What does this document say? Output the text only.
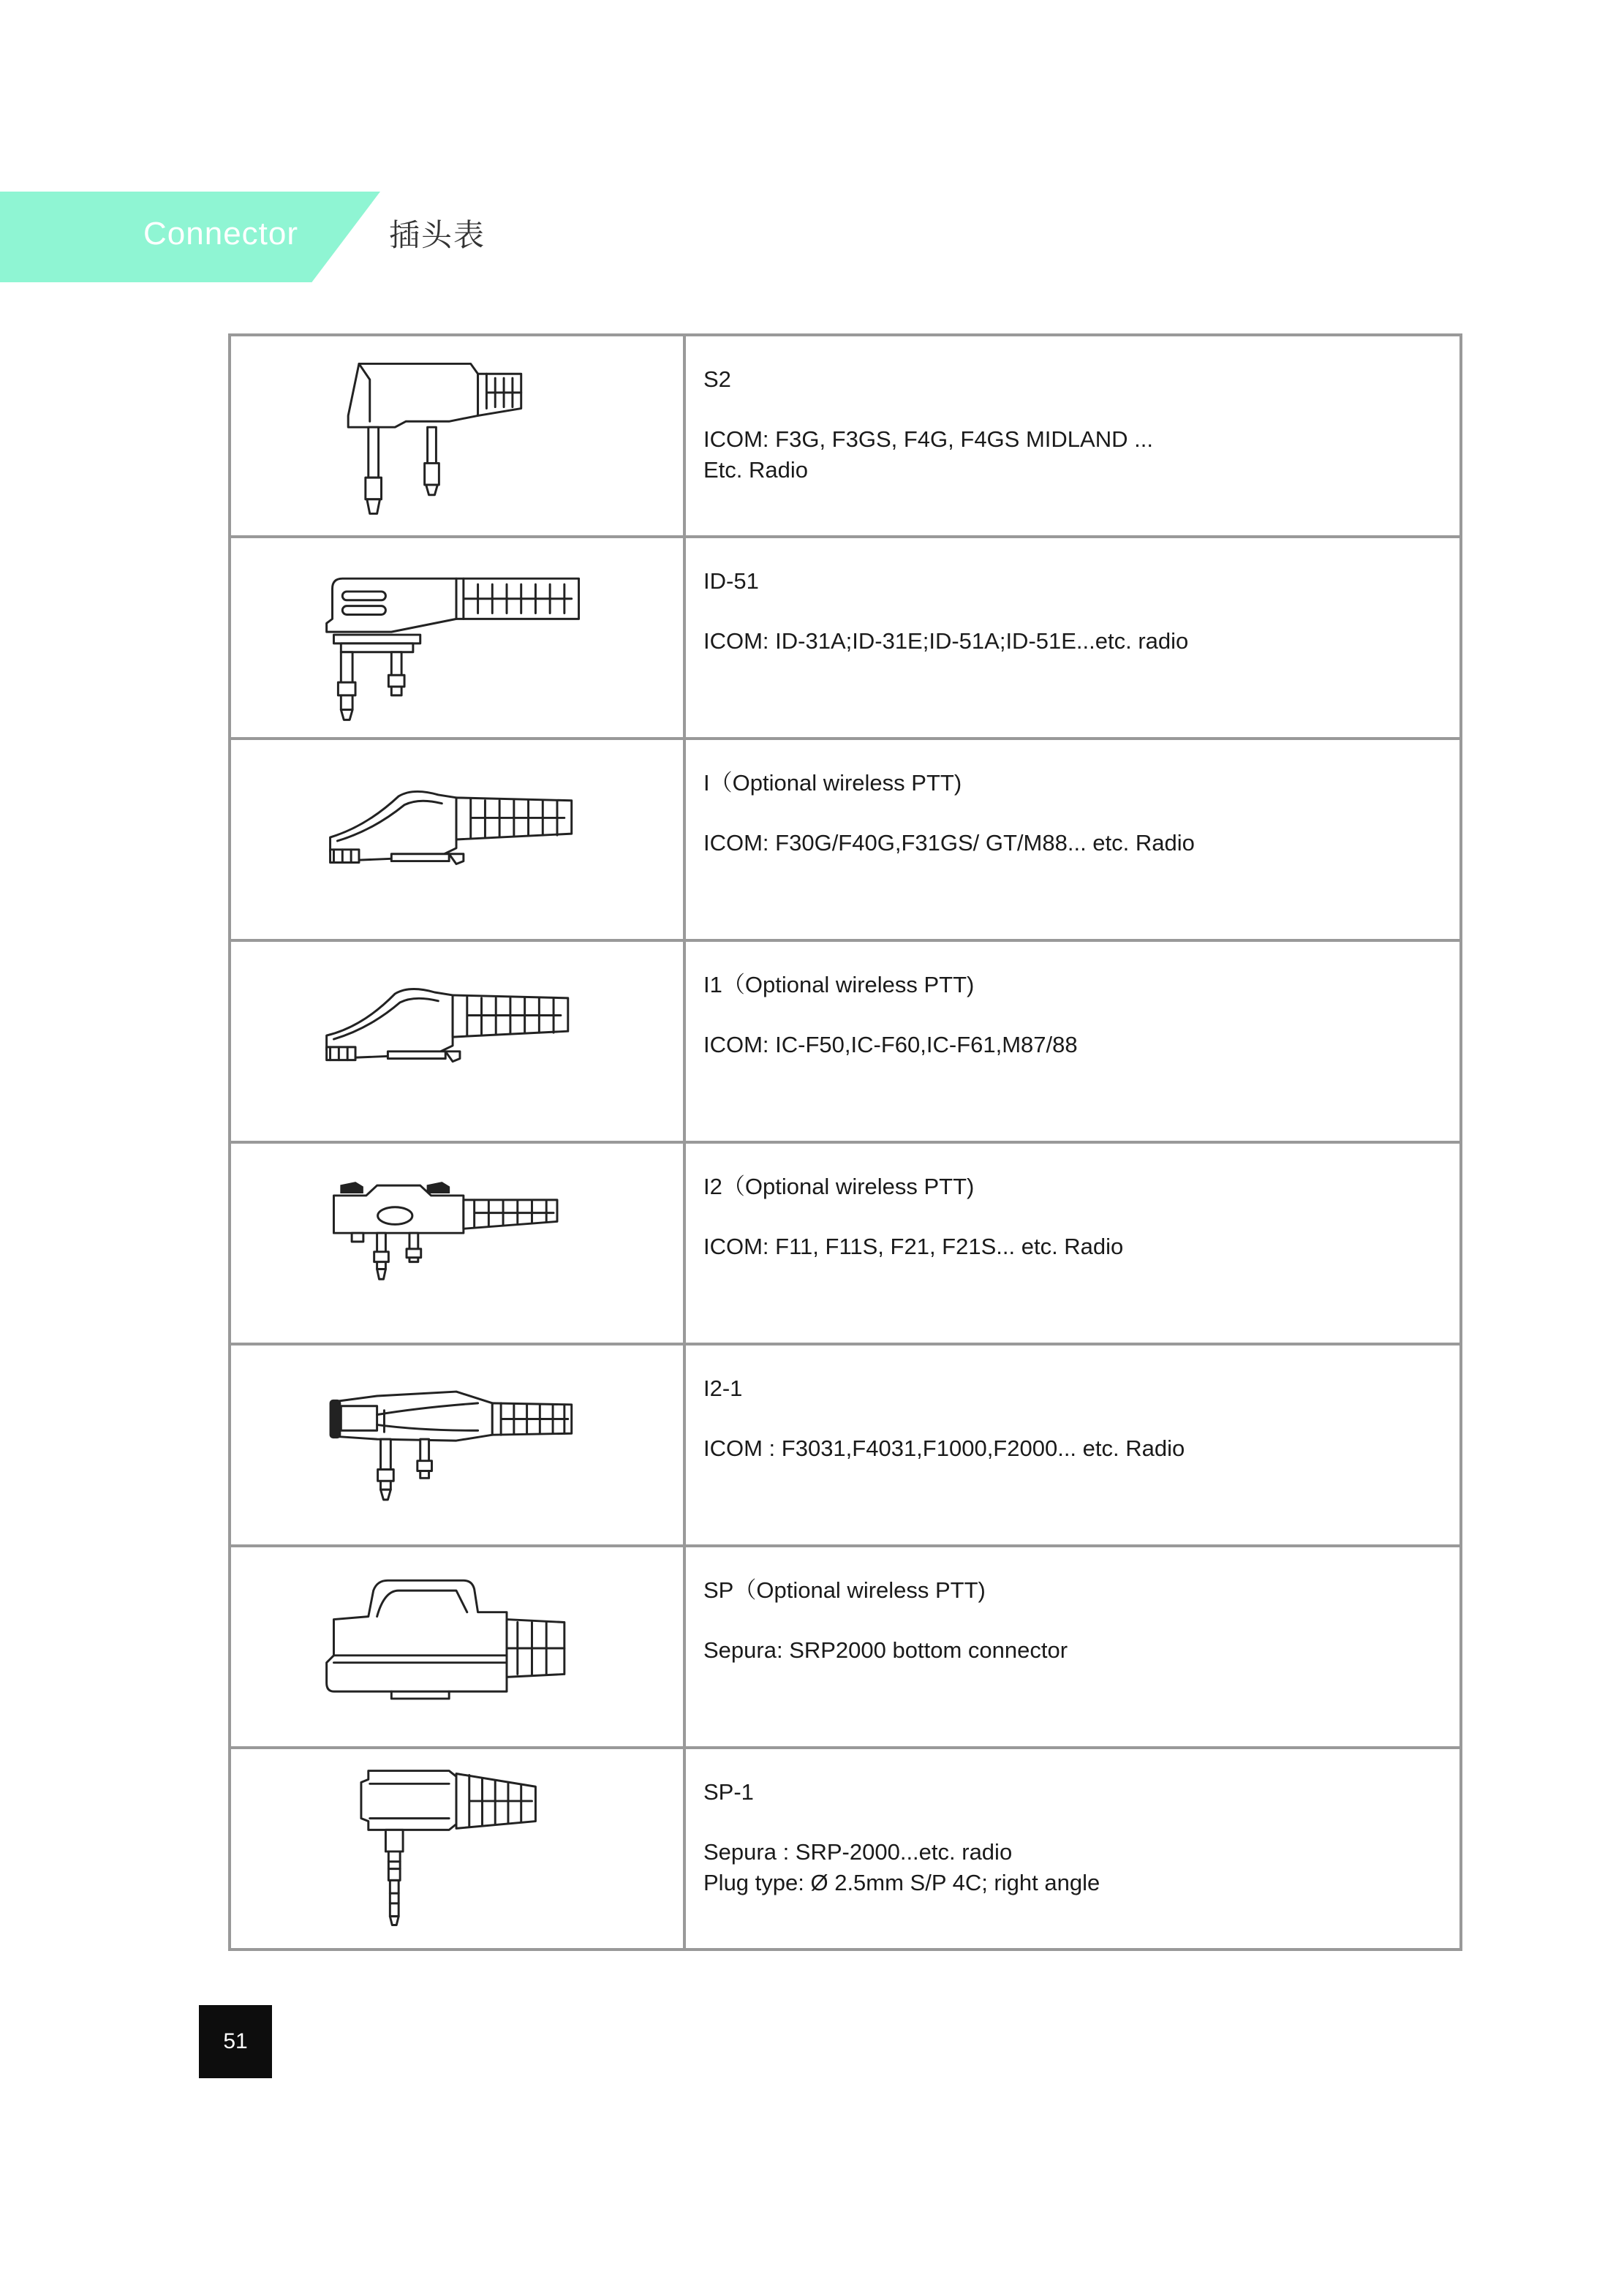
Connector	插头表

S2
ICOM: F3G, F3GS, F4G, F4GS MIDLAND ...
Etc. Radio

ID-51
ICOM: ID-31A;ID-31E;ID-51A;ID-51E...etc. radio

I（Optional wireless PTT)
ICOM: F30G/F40G,F31GS/ GT/M88... etc. Radio

I1（Optional wireless PTT)
ICOM: IC-F50,IC-F60,IC-F61,M87/88

I2（Optional wireless PTT)
ICOM: F11, F11S, F21, F21S... etc. Radio

I2-1
ICOM : F3031,F4031,F1000,F2000... etc. Radio

SP（Optional wireless PTT)
Sepura: SRP2000 bottom connector

SP-1
Sepura : SRP-2000...etc. radio
Plug type: Ø 2.5mm S/P 4C; right angle
51
